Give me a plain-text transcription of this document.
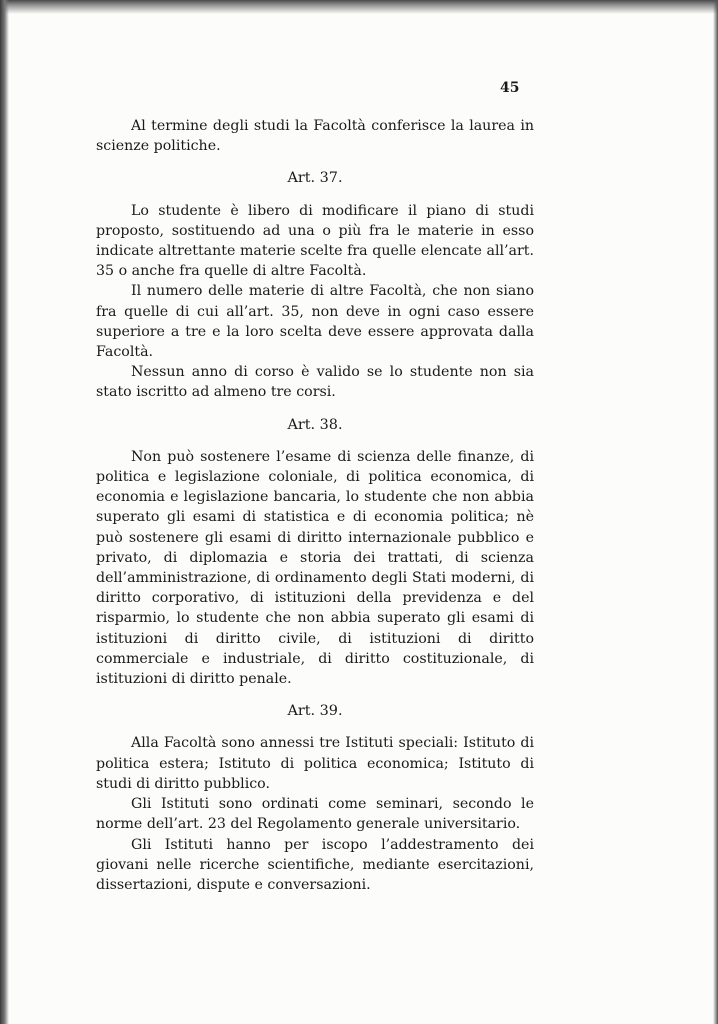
45

Al termine degli studi la Facoltà conferisce la laurea in scienze politiche.

Art. 37.

Lo studente è libero di modificare il piano di studi proposto, sostituendo ad una o più fra le materie in esso indicate altrettante materie scelte fra quelle elencate all’art. 35 o anche fra quelle di altre Facoltà.

Il numero delle materie di altre Facoltà, che non siano fra quelle di cui all’art. 35, non deve in ogni caso essere superiore a tre e la loro scelta deve essere approvata dalla Facoltà.

Nessun anno di corso è valido se lo studente non sia stato iscritto ad almeno tre corsi.

Art. 38.

Non può sostenere l’esame di scienza delle finanze, di politica e legislazione coloniale, di politica economica, di economia e legislazione bancaria, lo studente che non abbia superato gli esami di statistica e di economia politica; nè può sostenere gli esami di diritto internazionale pubblico e privato, di diplomazia e storia dei trattati, di scienza dell’amministrazione, di ordinamento degli Stati moderni, di diritto corporativo, di istituzioni della previdenza e del risparmio, lo studente che non abbia superato gli esami di istituzioni di diritto civile, di istituzioni di diritto commerciale e industriale, di diritto costituzionale, di istituzioni di diritto penale.

Art. 39.

Alla Facoltà sono annessi tre Istituti speciali: Istituto di politica estera; Istituto di politica economica; Istituto di studi di diritto pubblico.

Gli Istituti sono ordinati come seminari, secondo le norme dell’art. 23 del Regolamento generale universitario.

Gli Istituti hanno per iscopo l’addestramento dei giovani nelle ricerche scientifiche, mediante esercitazioni, dissertazioni, dispute e conversazioni.
